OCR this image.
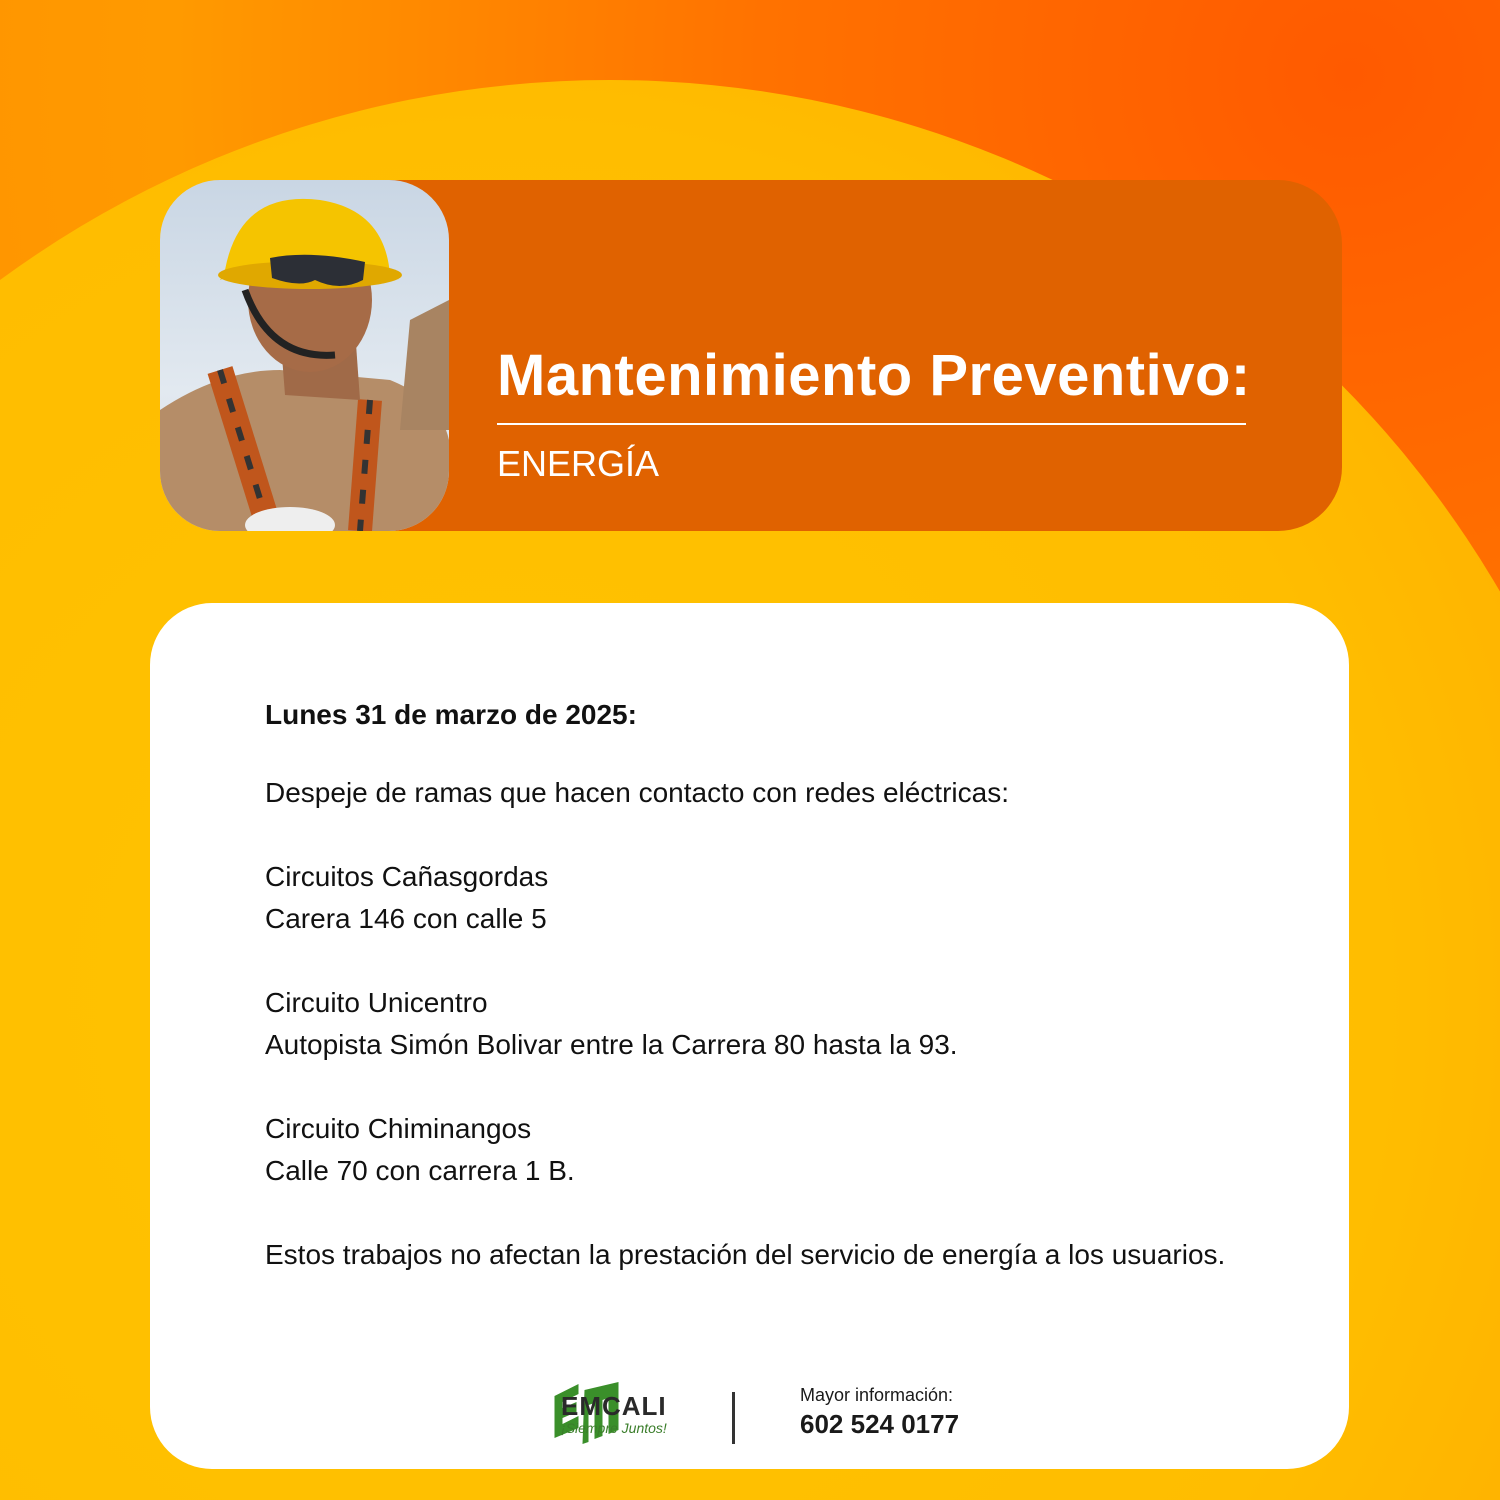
Mantenimiento Preventivo:
ENERGÍA

Lunes 31 de marzo de 2025:

Despeje de ramas que hacen contacto con redes eléctricas:

Circuitos Cañasgordas

Carera 146 con calle 5

Circuito Unicentro

Autopista Simón Bolivar entre la Carrera 80 hasta la 93.

Circuito Chiminangos

Calle 70 con carrera 1 B.

Estos trabajos no afectan la prestación del servicio de energía a los usuarios.

EMCALI
¡Siempre Juntos!
Mayor información:
602 524 0177
